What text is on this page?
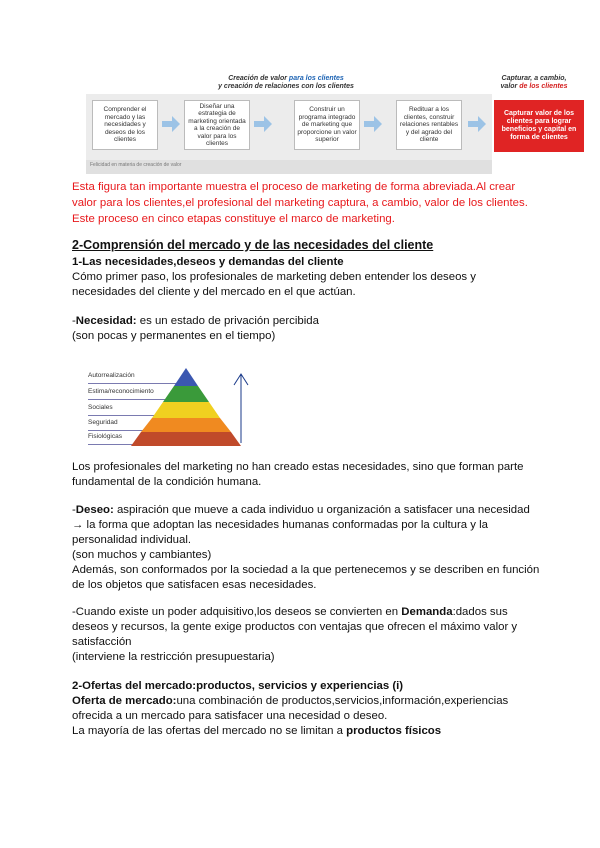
Creación de valor para los clientes
y creación de relaciones con los clientes
Capturar, a cambio,
valor de los clientes
Comprender el mercado y las necesidades y deseos de los clientes
Diseñar una estrategia de marketing orientada a la creación de valor para los clientes
Construir un programa integrado de marketing que proporcione un valor superior
Redituar a los clientes, construir relaciones rentables y del agrado del cliente
Capturar valor de los clientes para lograr beneficios y capital en forma de clientes
Felicidad en materia de creación de valor
Esta figura tan importante muestra el proceso de marketing de forma abreviada.Al crear
valor para los clientes,el profesional del marketing captura, a cambio, valor de los clientes.
Este proceso en cinco etapas constituye el marco de marketing.
2-Comprensión del mercado y de las necesidades del cliente
1-Las necesidades,deseos y demandas del cliente
Cómo primer paso, los profesionales de marketing deben entender los deseos y
necesidades del cliente y del mercado en el que actúan.
-Necesidad: es un estado de privación percibida
(son pocas y permanentes en el tiempo)
Autorrealización
Estima/reconocimiento
Sociales
Seguridad
Fisiológicas
Los profesionales del marketing no han creado estas necesidades, sino que forman parte
fundamental de la condición humana.
-Deseo: aspiración que mueve a cada individuo u organización a satisfacer una necesidad
→ la forma que adoptan las necesidades humanas conformadas por la cultura y la
personalidad individual.
(son muchos y cambiantes)
Además, son conformados por la sociedad a la que pertenecemos y se describen en función
de los objetos que satisfacen esas necesidades.
-Cuando existe un poder adquisitivo,los deseos se convierten en Demanda:dados sus
deseos y recursos, la gente exige productos con ventajas que ofrecen el máximo valor y
satisfacción
(interviene la restricción presupuestaria)
2-Ofertas del mercado:productos, servicios y experiencias (i)
Oferta de mercado:una combinación de productos,servicios,información,experiencias
ofrecida a un mercado para satisfacer una necesidad o deseo.
La mayoría de las ofertas del mercado no se limitan a productos físicos
